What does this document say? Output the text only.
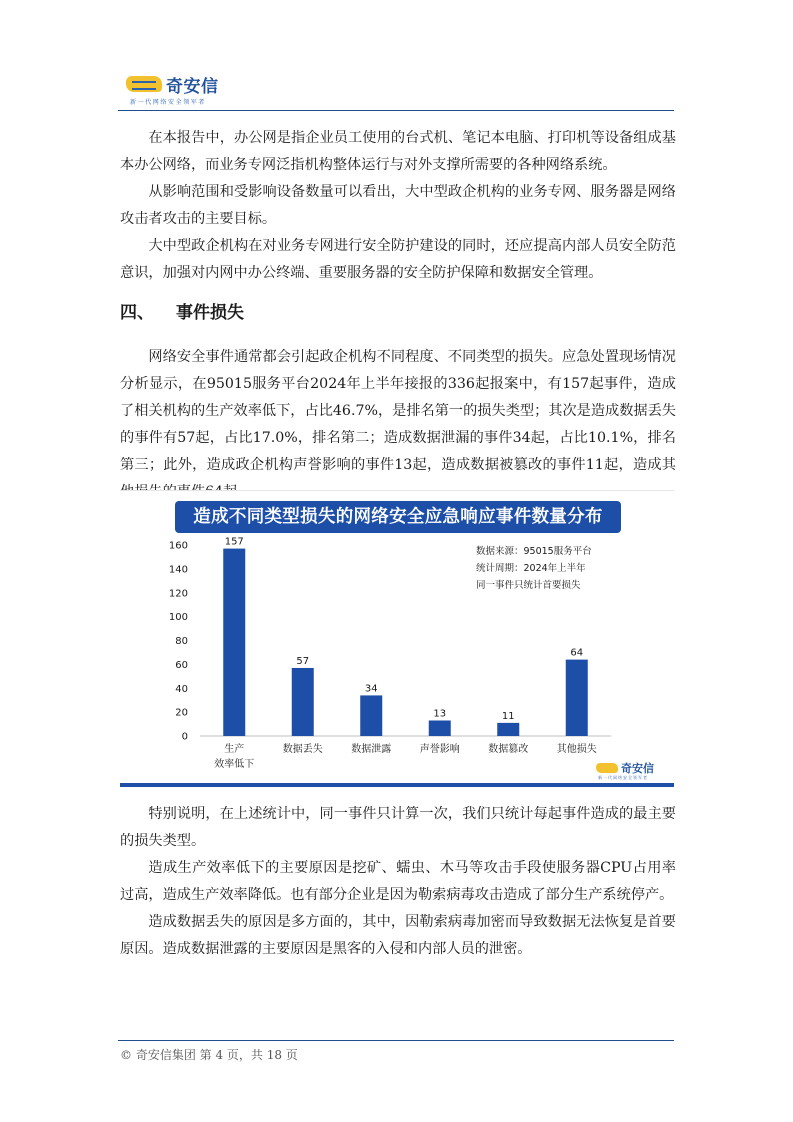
奇安信
新一代网络安全领军者

在本报告中，办公网是指企业员工使用的台式机、笔记本电脑、打印机等设备组成基本办公网络，而业务专网泛指机构整体运行与对外支撑所需要的各种网络系统。

从影响范围和受影响设备数量可以看出，大中型政企机构的业务专网、服务器是网络攻击者攻击的主要目标。

大中型政企机构在对业务专网进行安全防护建设的同时，还应提高内部人员安全防范意识，加强对内网中办公终端、重要服务器的安全防护保障和数据安全管理。

四、 事件损失

网络安全事件通常都会引起政企机构不同程度、不同类型的损失。应急处置现场情况分析显示，在95015服务平台2024年上半年接报的336起报案中，有157起事件，造成了相关机构的生产效率低下，占比46.7%，是排名第一的损失类型；其次是造成数据丢失的事件有57起，占比17.0%，排名第二；造成数据泄漏的事件34起，占比10.1%，排名第三；此外，造成政企机构声誉影响的事件13起，造成数据被篡改的事件11起，造成其

造成不同类型损失的网络安全应急响应事件数量分布
0
20
40
60
80
100
120
140
160	157
生产
效率低下
57
数据丢失
34
数据泄露
13
声誉影响
11
数据篡改
64
其他损失
数据来源：95015服务平台
统计周期：2024年上半年
同一事件只统计首要损失
奇安信
新一代网络安全领军者

特别说明，在上述统计中，同一事件只计算一次，我们只统计每起事件造成的最主要的损失类型。

造成生产效率低下的主要原因是挖矿、蠕虫、木马等攻击手段使服务器CPU占用率过高，造成生产效率降低。也有部分企业是因为勒索病毒攻击造成了部分生产系统停产。

造成数据丢失的原因是多方面的，其中，因勒索病毒加密而导致数据无法恢复是首要原因。造成数据泄露的主要原因是黑客的入侵和内部人员的泄密。

© 奇安信集团 第 4 页，共 18 页
